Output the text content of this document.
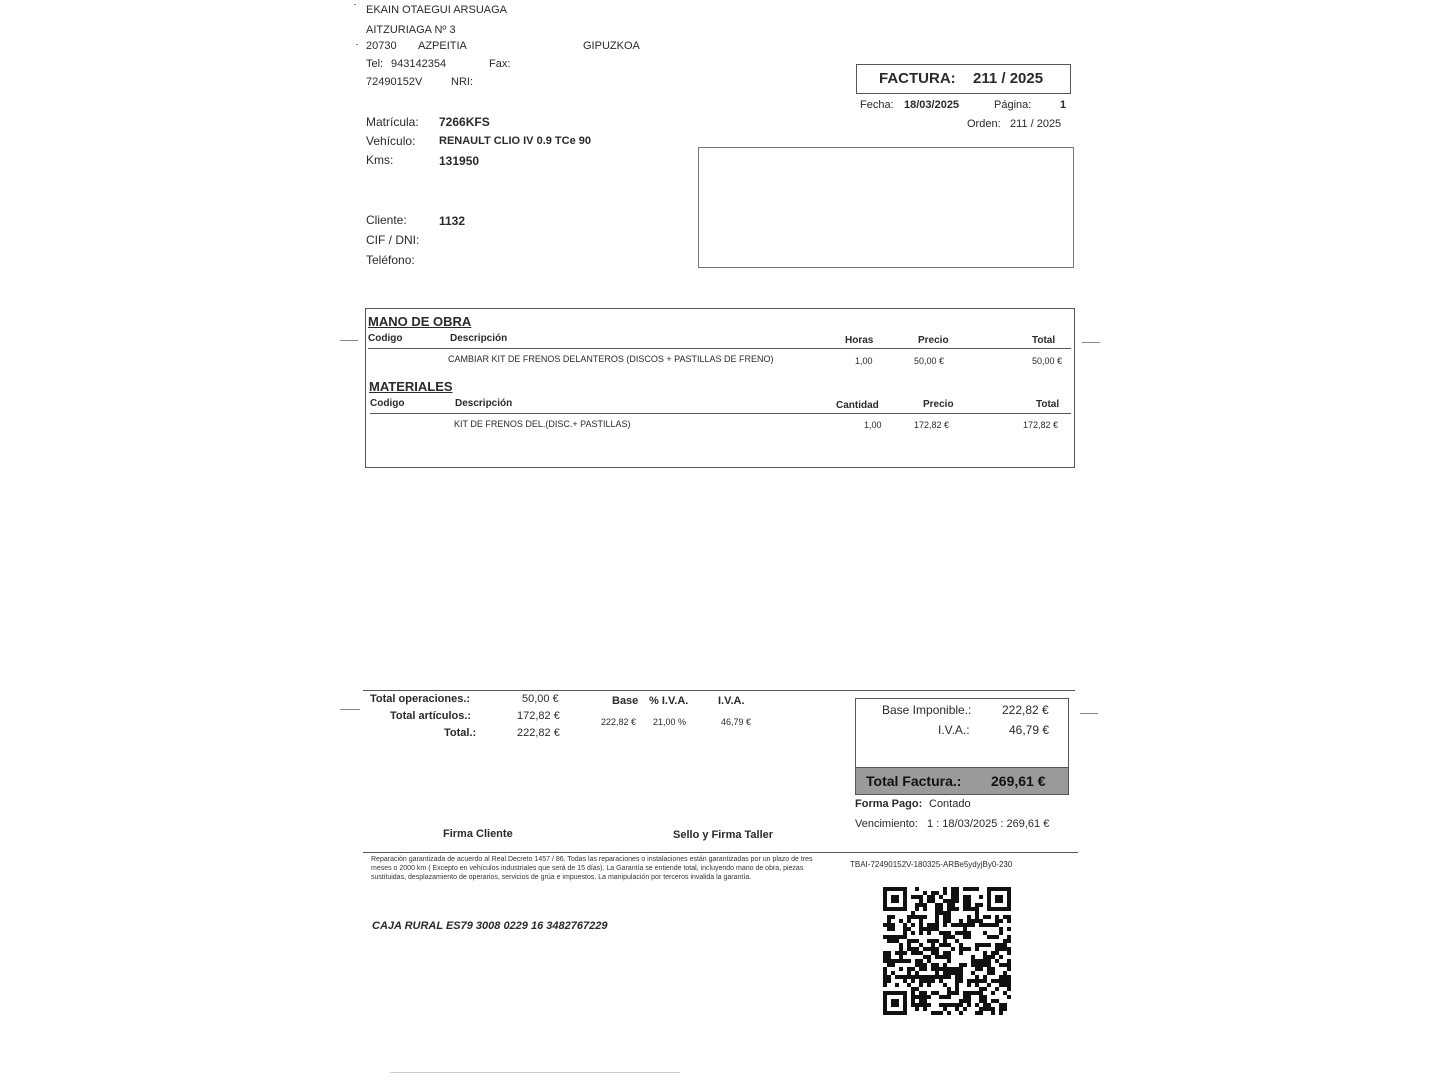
EKAIN OTAEGUI ARSUAGA
AITZURIAGA Nº 3
20730 AZPEITIA	GIPUZKOA
Tel: 943142354	Fax:
72490152V	NRI:	FACTURA: 211 / 2025
Fecha: 18/03/2025	Página:	1
Orden: 211 / 2025
Matrícula: 7266KFS
Vehículo: RENAULT CLIO IV 0.9 TCe 90
Kms:	131950
Cliente:	1132
CIF / DNI:
Teléfono:
MANO DE OBRA
Codigo	Descripción	Horas	Precio	Total
CAMBIAR KIT DE FRENOS DELANTEROS (DISCOS + PASTILLAS DE FRENO)	1,00	50,00 €	50,00 €
MATERIALES
Codigo	Descripción	Cantidad	Precio	Total
KIT DE FRENOS DEL.(DISC.+ PASTILLAS)	1,00	172,82 €	172,82 €
Total operaciones.:	50,00 €
Total artículos.:	172,82 €
Total.:	222,82 €
Base % I.V.A.	I.V.A.
222,82 € 21,00 %	46,79 €
Base Imponible.:	222,82 €
I.V.A.:	46,79 €
Total Factura.: 269,61 €
Forma Pago: Contado
Vencimiento: 1 : 18/03/2025 : 269,61 €
Firma Cliente	Sello y Firma Taller
Reparación garantizada de acuerdo al Real Decreto 1457 / 86. Todas las reparaciones o instalaciones están garantizadas por un plazo de tres meses o 2000 km ( Excepto en vehículos industriales que será de 15 días). La Garantía se entiende total, incluyendo mano de obra, piezas sustituidas, desplazamiento de operarios, servicios de grúa e impuestos. La manipulación por terceros invalida la garantía.
TBAI-72490152V-180325-ARBe5ydyjBy0-230
CAJA RURAL ES79 3008 0229 16 3482767229
